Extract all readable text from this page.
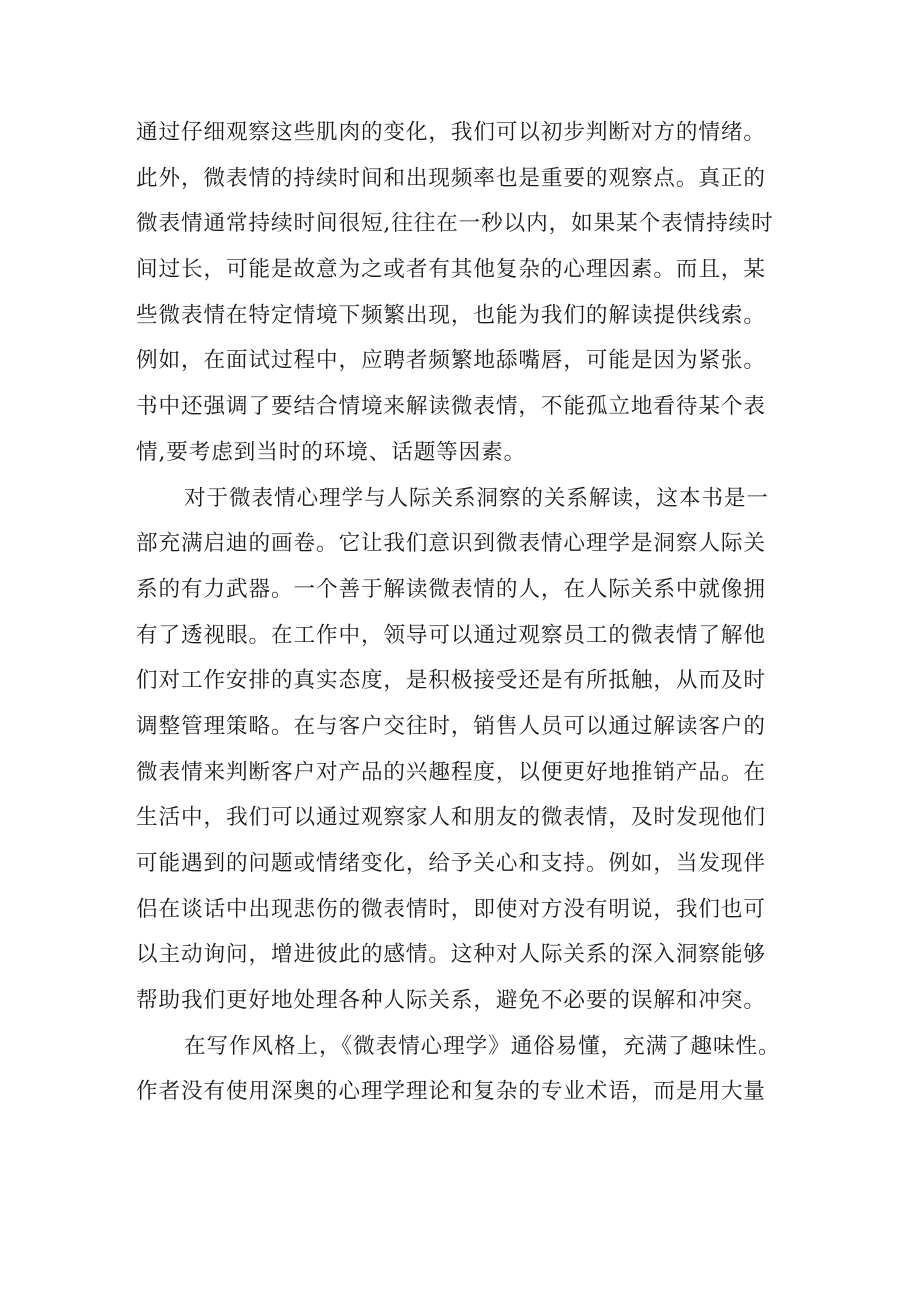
通过仔细观察这些肌肉的变化，我们可以初步判断对方的情绪。
此外，微表情的持续时间和出现频率也是重要的观察点。真正的
微表情通常持续时间很短,往往在一秒以内，如果某个表情持续时
间过长，可能是故意为之或者有其他复杂的心理因素。而且，某
些微表情在特定情境下频繁出现，也能为我们的解读提供线索。
例如，在面试过程中，应聘者频繁地舔嘴唇，可能是因为紧张。
书中还强调了要结合情境来解读微表情，不能孤立地看待某个表
情,要考虑到当时的环境、话题等因素。
对于微表情心理学与人际关系洞察的关系解读，这本书是一
部充满启迪的画卷。它让我们意识到微表情心理学是洞察人际关
系的有力武器。一个善于解读微表情的人，在人际关系中就像拥
有了透视眼。在工作中，领导可以通过观察员工的微表情了解他
们对工作安排的真实态度，是积极接受还是有所抵触，从而及时
调整管理策略。在与客户交往时，销售人员可以通过解读客户的
微表情来判断客户对产品的兴趣程度，以便更好地推销产品。在
生活中，我们可以通过观察家人和朋友的微表情，及时发现他们
可能遇到的问题或情绪变化，给予关心和支持。例如，当发现伴
侣在谈话中出现悲伤的微表情时，即使对方没有明说，我们也可
以主动询问，增进彼此的感情。这种对人际关系的深入洞察能够
帮助我们更好地处理各种人际关系，避免不必要的误解和冲突。
在写作风格上，《微表情心理学》通俗易懂，充满了趣味性。
作者没有使用深奥的心理学理论和复杂的专业术语，而是用大量
